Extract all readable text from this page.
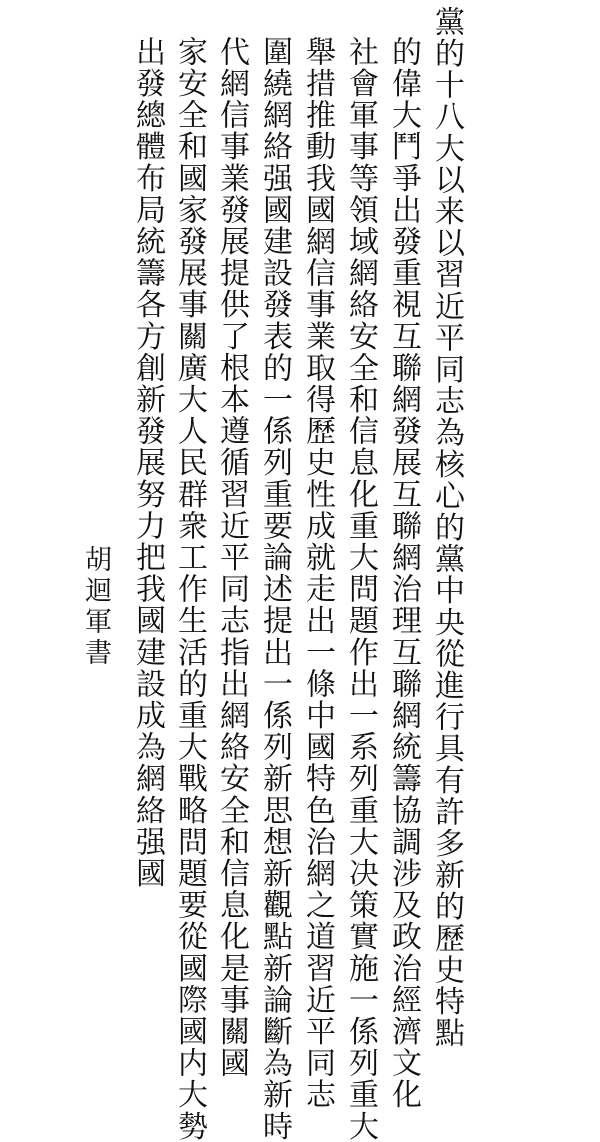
黨的十八大以来以習近平同志為核心的黨中央從進行具有許多新的歷史特點
的偉大鬥爭出發重視互聯網發展互聯網治理互聯網統籌協調涉及政治經濟文化
社會軍事等領域網絡安全和信息化重大問題作出一系列重大决策實施一係列重大
舉措推動我國網信事業取得歷史性成就走出一條中國特色治網之道習近平同志
圍繞網絡强國建設發表的一係列重要論述提出一係列新思想新觀點新論斷為新時
代網信事業發展提供了根本遵循習近平同志指出網絡安全和信息化是事關國
家安全和國家發展事關廣大人民群衆工作生活的重大戰略問題要從國際國内大勢
出發總體布局統籌各方創新發展努力把我國建設成為網絡强國
胡迴軍書
